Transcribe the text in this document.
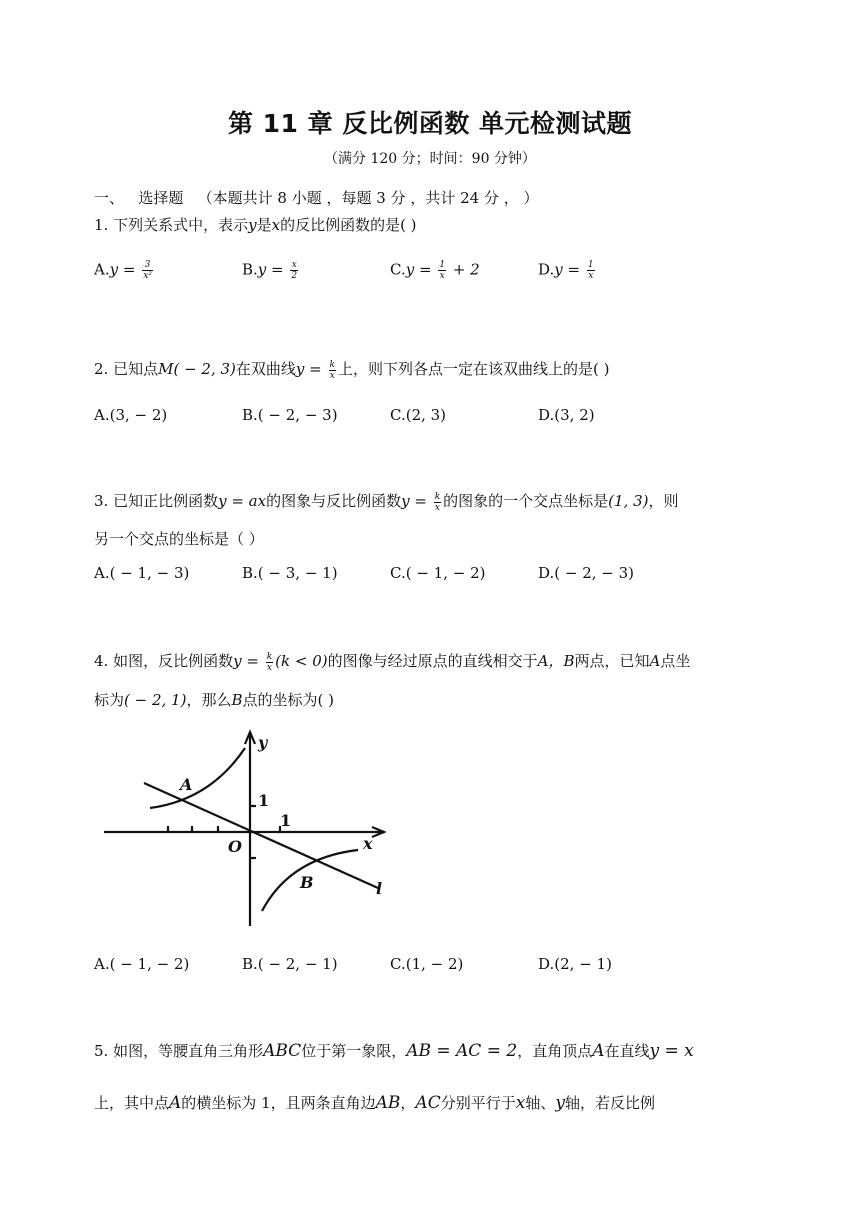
第 11 章 反比例函数 单元检测试题
（满分 120 分；时间：90 分钟）
一、 选择题 （本题共计 8 小题 ，每题 3 分 ，共计 24 分 ， ）
1. 下列关系式中，表示y是x的反比例函数的是( )
$A.y = \frac{3}{\text{x²}}$	$B.y = \frac{x}{2}$	$C.y = \frac{1}{x} + 2$	$D.y = \frac{1}{x}$
2. 已知点M( − 2, 3)在双曲线$y = \frac{k}{x}$ 上，则下列各点一定在该双曲线上的是( )
A.(3, − 2)	B.( − 2, − 3)	C.(2, 3)	D.(3, 2)
3. 已知正比例函数y = ax的图象与反比例函数$y = \frac{k}{x}$ 的图象的一个交点坐标是(1, 3)，则
另一个交点的坐标是（ ）
A.( − 1, − 3)	B.( − 3, − 1)	C.( − 1, − 2)	D.( − 2, − 3)
4. 如图，反比例函数$y = \frac{k}{x} (k < 0)$的图像与经过原点的直线相交于A，B两点，已知A点坐
标为( − 2, 1)，那么B点的坐标为( )
y
x
O
1
1
A
B	l
A.( − 1, − 2)	B.( − 2, − 1)	C.(1, − 2)	D.(2, − 1)
5. 如图，等腰直角三角形ABC位于第一象限，AB = AC = 2，直角顶点A在直线y = x
上，其中点A的横坐标为 1，且两条直角边AB，AC分别平行于x轴、y轴，若反比例
